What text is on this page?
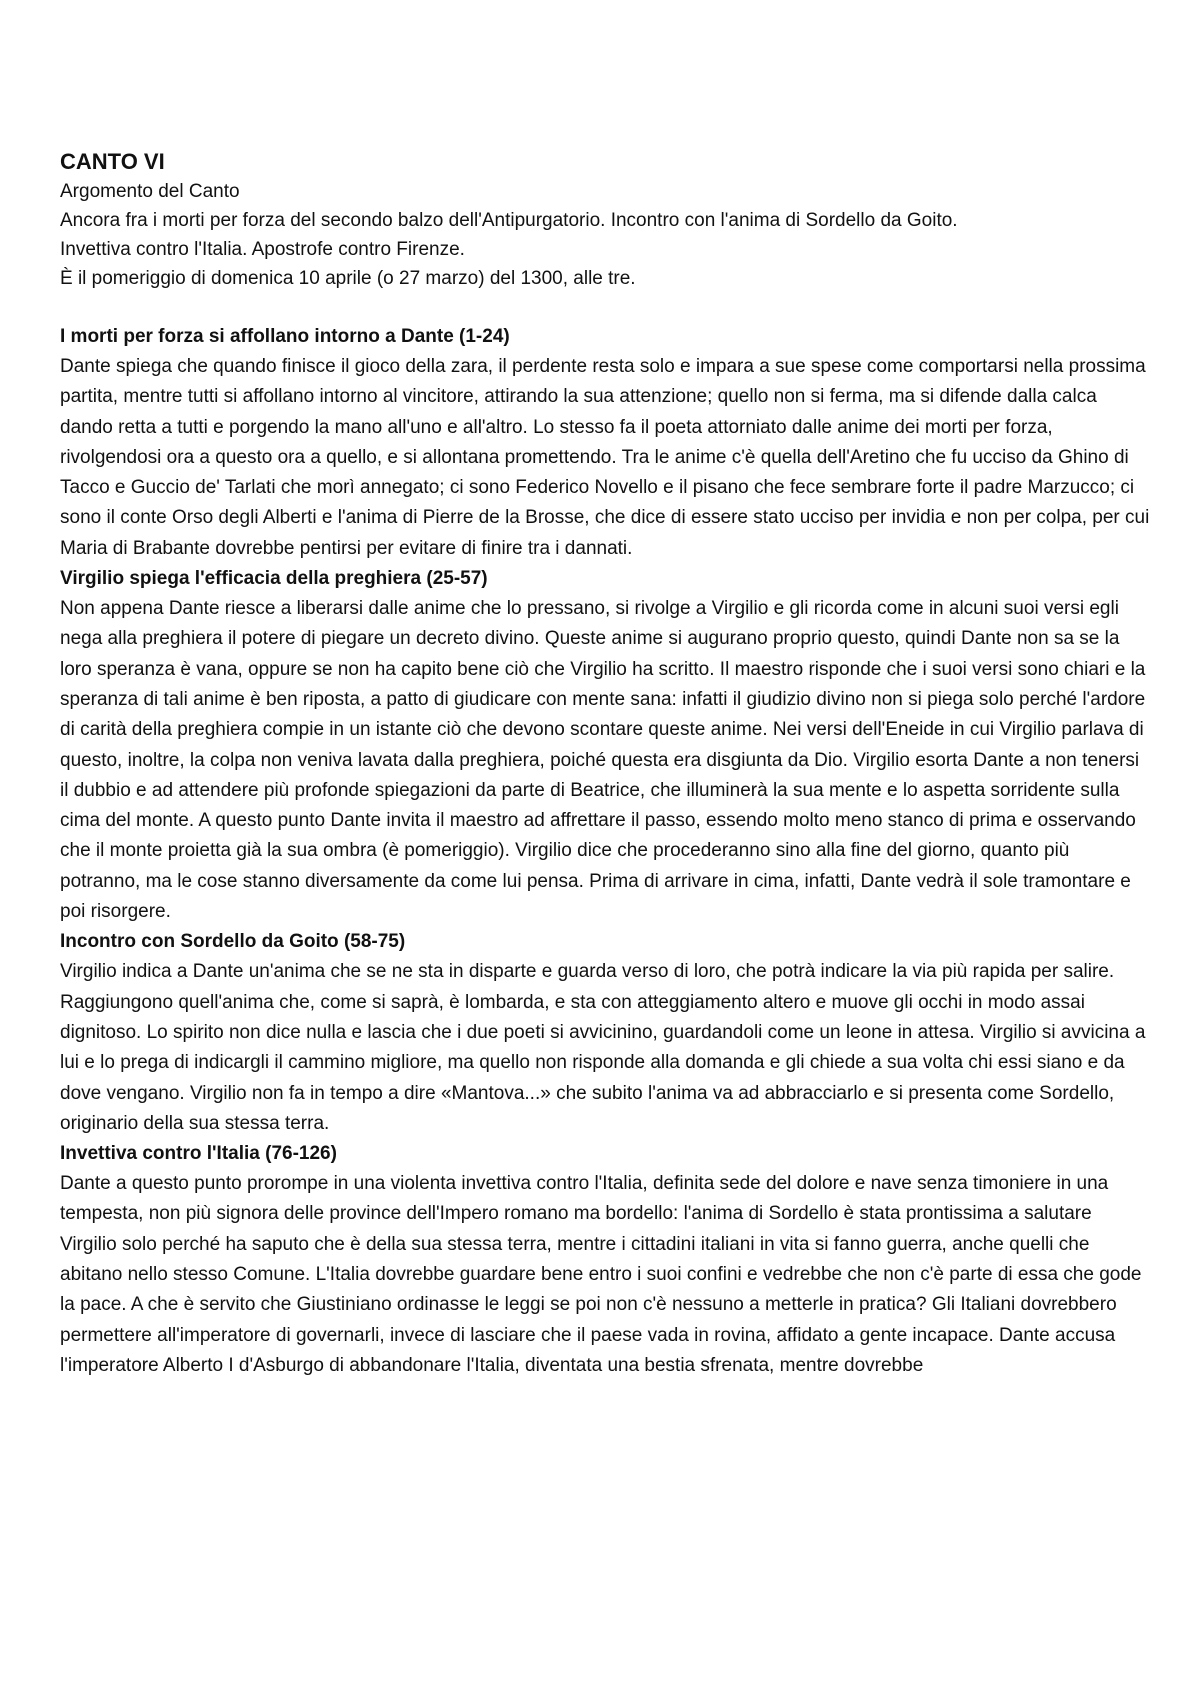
CANTO VI

Argomento del Canto

Ancora fra i morti per forza del secondo balzo dell'Antipurgatorio. Incontro con l'anima di Sordello da Goito.

Invettiva contro l'Italia. Apostrofe contro Firenze.

È il pomeriggio di domenica 10 aprile (o 27 marzo) del 1300, alle tre.

I morti per forza si affollano intorno a Dante (1-24)

Dante spiega che quando finisce il gioco della zara, il perdente resta solo e impara a sue spese come comportarsi nella prossima partita, mentre tutti si affollano intorno al vincitore, attirando la sua attenzione; quello non si ferma, ma si difende dalla calca dando retta a tutti e porgendo la mano all'uno e all'altro. Lo stesso fa il poeta attorniato dalle anime dei morti per forza, rivolgendosi ora a questo ora a quello, e si allontana promettendo. Tra le anime c'è quella dell'Aretino che fu ucciso da Ghino di Tacco e Guccio de' Tarlati che morì annegato; ci sono Federico Novello e il pisano che fece sembrare forte il padre Marzucco; ci sono il conte Orso degli Alberti e l'anima di Pierre de la Brosse, che dice di essere stato ucciso per invidia e non per colpa, per cui Maria di Brabante dovrebbe pentirsi per evitare di finire tra i dannati.

Virgilio spiega l'efficacia della preghiera (25-57)

Non appena Dante riesce a liberarsi dalle anime che lo pressano, si rivolge a Virgilio e gli ricorda come in alcuni suoi versi egli nega alla preghiera il potere di piegare un decreto divino. Queste anime si augurano proprio questo, quindi Dante non sa se la loro speranza è vana, oppure se non ha capito bene ciò che Virgilio ha scritto. Il maestro risponde che i suoi versi sono chiari e la speranza di tali anime è ben riposta, a patto di giudicare con mente sana: infatti il giudizio divino non si piega solo perché l'ardore di carità della preghiera compie in un istante ciò che devono scontare queste anime. Nei versi dell'Eneide in cui Virgilio parlava di questo, inoltre, la colpa non veniva lavata dalla preghiera, poiché questa era disgiunta da Dio. Virgilio esorta Dante a non tenersi il dubbio e ad attendere più profonde spiegazioni da parte di Beatrice, che illuminerà la sua mente e lo aspetta sorridente sulla cima del monte. A questo punto Dante invita il maestro ad affrettare il passo, essendo molto meno stanco di prima e osservando che il monte proietta già la sua ombra (è pomeriggio). Virgilio dice che procederanno sino alla fine del giorno, quanto più potranno, ma le cose stanno diversamente da come lui pensa. Prima di arrivare in cima, infatti, Dante vedrà il sole tramontare e poi risorgere.

Incontro con Sordello da Goito (58-75)

Virgilio indica a Dante un'anima che se ne sta in disparte e guarda verso di loro, che potrà indicare la via più rapida per salire. Raggiungono quell'anima che, come si saprà, è lombarda, e sta con atteggiamento altero e muove gli occhi in modo assai dignitoso. Lo spirito non dice nulla e lascia che i due poeti si avvicinino, guardandoli come un leone in attesa. Virgilio si avvicina a lui e lo prega di indicargli il cammino migliore, ma quello non risponde alla domanda e gli chiede a sua volta chi essi siano e da dove vengano. Virgilio non fa in tempo a dire «Mantova...» che subito l'anima va ad abbracciarlo e si presenta come Sordello, originario della sua stessa terra.

Invettiva contro l'Italia (76-126)

Dante a questo punto prorompe in una violenta invettiva contro l'Italia, definita sede del dolore e nave senza timoniere in una tempesta, non più signora delle province dell'Impero romano ma bordello: l'anima di Sordello è stata prontissima a salutare Virgilio solo perché ha saputo che è della sua stessa terra, mentre i cittadini italiani in vita si fanno guerra, anche quelli che abitano nello stesso Comune. L'Italia dovrebbe guardare bene entro i suoi confini e vedrebbe che non c'è parte di essa che gode la pace. A che è servito che Giustiniano ordinasse le leggi se poi non c'è nessuno a metterle in pratica? Gli Italiani dovrebbero permettere all'imperatore di governarli, invece di lasciare che il paese vada in rovina, affidato a gente incapace. Dante accusa l'imperatore Alberto I d'Asburgo di abbandonare l'Italia, diventata una bestia sfrenata, mentre dovrebbe
